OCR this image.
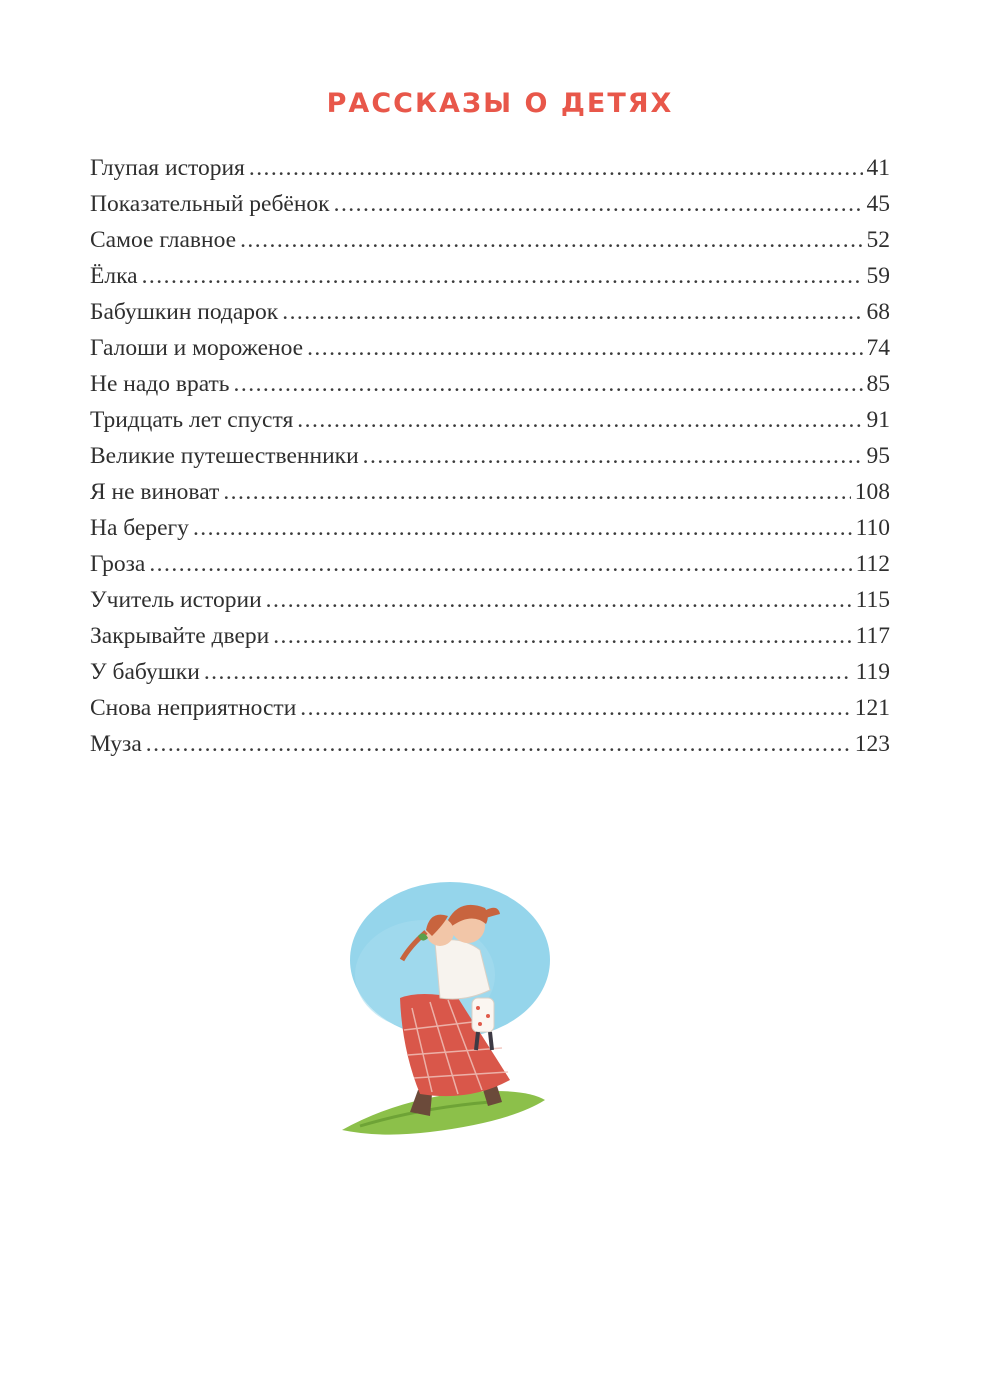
РАССКАЗЫ О ДЕТЯХ
Глупая история . . .	41
Показательный ребёнок . . .	45
Самое главное . . .	52
Ёлка . . .	59
Бабушкин подарок . . .	68
Галоши и мороженое . . .	74
Не надо врать . . .	85
Тридцать лет спустя . . .	91
Великие путешественники . . .	95
Я не виноват . . .	108
На берегу . . .	110
Гроза . . .	112
Учитель истории . . .	115
Закрывайте двери . . .	117
У бабушки . . .	119
Снова неприятности . . .	121
Муза . . .	123
